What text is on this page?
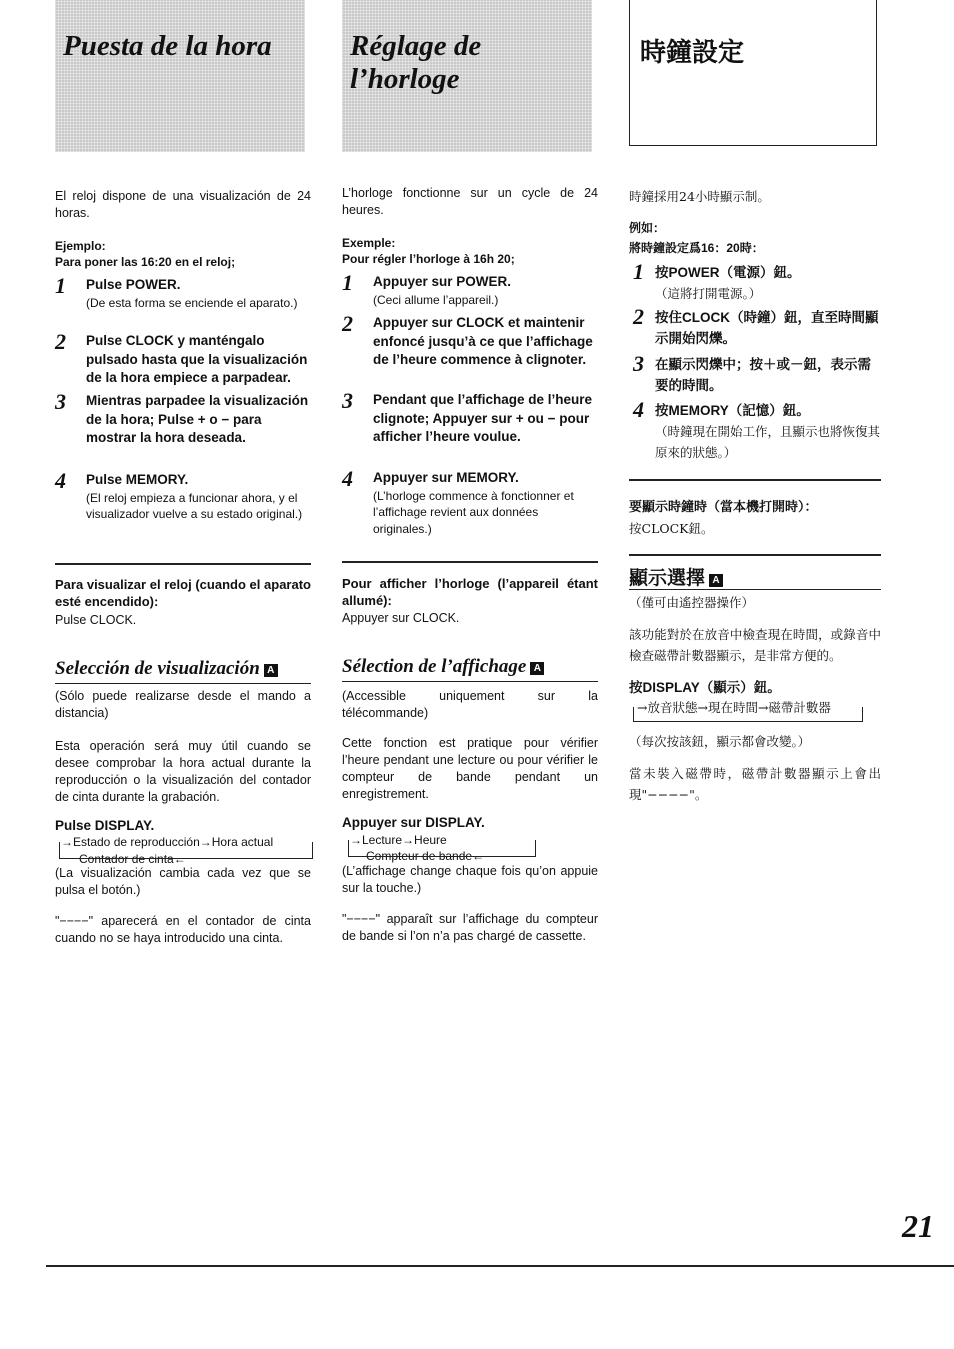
Puesta de la hora	Réglage de
l’horloge
時鐘設定

El reloj dispone de una visualización de 24 horas.

Ejemplo:

Para poner las 16:20 en el reloj;

1 Pulse POWER.
(De esta forma se enciende el aparato.)
2 Pulse CLOCK y manténgalo pulsado hasta que la visualización de la hora empiece a parpadear.
3 Mientras parpadee la visualización de la hora; Pulse + o − para mostrar la hora deseada.
4 Pulse MEMORY.
(El reloj empieza a funcionar ahora, y el visualizador vuelve a su estado original.)

Para visualizar el reloj (cuando el aparato esté encendido):

Pulse CLOCK.

Selección de visualización A

(Sólo puede realizarse desde el mando a distancia)

Esta operación será muy útil cuando se desee comprobar la hora actual durante la reproducción o la visualización del contador de cinta durante la grabación.

Pulse DISPLAY.

→Estado de reproducción→Hora actual
Contador de cinta←

(La visualización cambia cada vez que se pulsa el botón.)

"−−−−" aparecerá en el contador de cinta cuando no se haya introducido una cinta.

L’horloge fonctionne sur un cycle de 24 heures.

Exemple:

Pour régler l’horloge à 16h 20;

1 Appuyer sur POWER.
(Ceci allume l’appareil.)
2 Appuyer sur CLOCK et maintenir enfoncé jusqu’à ce que l’affichage de l’heure commence à clignoter.
3 Pendant que l’affichage de l’heure clignote; Appuyer sur + ou − pour afficher l’heure voulue.
4 Appuyer sur MEMORY.
(L’horloge commence à fonctionner et l’affichage revient aux données originales.)

Pour afficher l’horloge (l’appareil étant allumé):

Appuyer sur CLOCK.

Sélection de l’affichage A

(Accessible uniquement sur la télécommande)

Cette fonction est pratique pour vérifier l’heure pendant une lecture ou pour vérifier le compteur de bande pendant un enregistrement.

Appuyer sur DISPLAY.

→Lecture→Heure
Compteur de bande←

(L’affichage change chaque fois qu’on appuie sur la touche.)

"−−−−" apparaît sur l’affichage du compteur de bande si l’on n’a pas chargé de cassette.

時鐘採用24小時顯示制。

例如：

將時鐘設定爲16：20時：

1 按POWER（電源）鈕。
（這將打開電源。）
2 按住CLOCK（時鐘）鈕，直至時間顯示開始閃爍。
3 在顯示閃爍中；按＋或－鈕，表示需要的時間。
4 按MEMORY（記憶）鈕。
（時鐘現在開始工作，且顯示也將恢復其原來的狀態。）

要顯示時鐘時（當本機打開時）：

按CLOCK鈕。

顯示選擇 A

（僅可由遙控器操作）

該功能對於在放音中檢查現在時間，或錄音中檢查磁帶計數器顯示，是非常方便的。

按DISPLAY（顯示）鈕。

→放音狀態→現在時間→磁帶計數器

（每次按該鈕，顯示都會改變。）

當未裝入磁帶時，磁帶計數器顯示上會出現"−−−−"。

21
